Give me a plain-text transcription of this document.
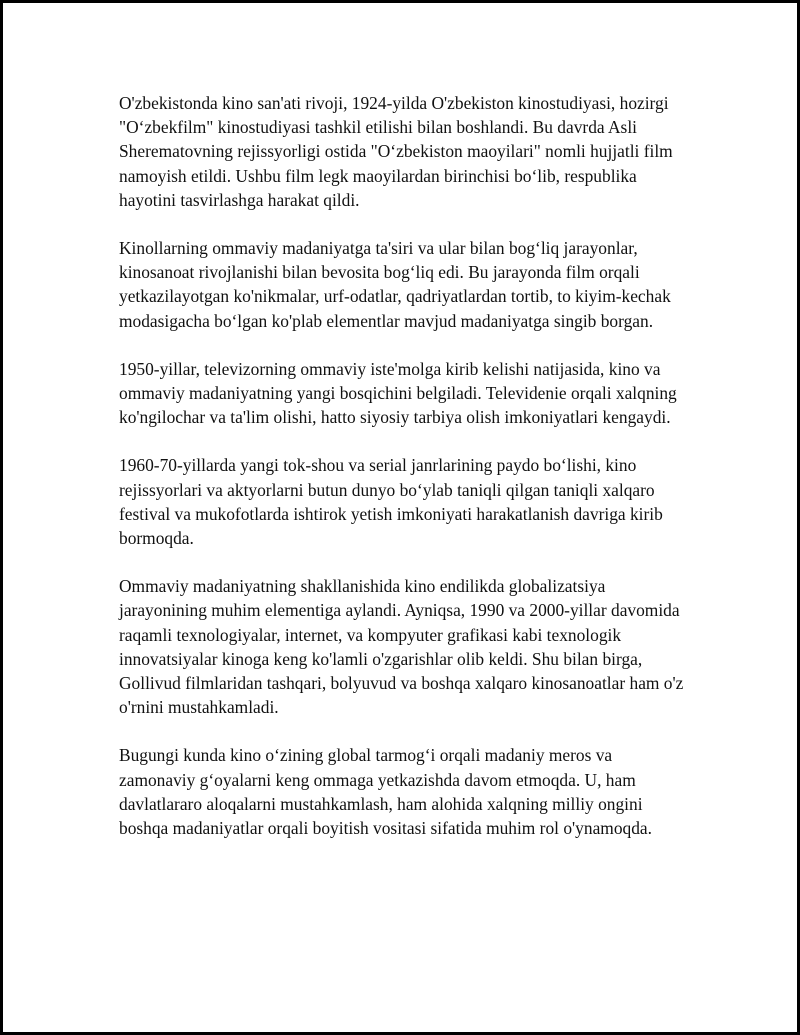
O'zbekistonda kino san'ati rivoji, 1924-yilda O'zbekiston kinostudiyasi, hozirgi "O‘zbekfilm" kinostudiyasi tashkil etilishi bilan boshlandi. Bu davrda Asli Sherematovning rejissyorligi ostida "O‘zbekiston maoyilari" nomli hujjatli film namoyish etildi. Ushbu film legk maoyilardan birinchisi bo‘lib, respublika hayotini tasvirlashga harakat qildi.

Kinollarning ommaviy madaniyatga ta'siri va ular bilan bog‘liq jarayonlar, kinosanoat rivojlanishi bilan bevosita bog‘liq edi. Bu jarayonda film orqali yetkazilayotgan ko'nikmalar, urf-odatlar, qadriyatlardan tortib, to kiyim-kechak modasigacha bo‘lgan ko'plab elementlar mavjud madaniyatga singib borgan.

1950-yillar, televizorning ommaviy iste'molga kirib kelishi natijasida, kino va ommaviy madaniyatning yangi bosqichini belgiladi. Televidenie orqali xalqning ko'ngilochar va ta'lim olishi, hatto siyosiy tarbiya olish imkoniyatlari kengaydi.

1960-70-yillarda yangi tok-shou va serial janrlarining paydo bo‘lishi, kino rejissyorlari va aktyorlarni butun dunyo bo‘ylab taniqli qilgan taniqli xalqaro festival va mukofotlarda ishtirok yetish imkoniyati harakatlanish davriga kirib bormoqda.

Ommaviy madaniyatning shakllanishida kino endilikda globalizatsiya jarayonining muhim elementiga aylandi. Ayniqsa, 1990 va 2000-yillar davomida raqamli texnologiyalar, internet, va kompyuter grafikasi kabi texnologik innovatsiyalar kinoga keng ko'lamli o'zgarishlar olib keldi. Shu bilan birga, Gollivud filmlaridan tashqari, bolyuvud va boshqa xalqaro kinosanoatlar ham o'z o'rnini mustahkamladi.

Bugungi kunda kino o‘zining global tarmog‘i orqali madaniy meros va zamonaviy g‘oyalarni keng ommaga yetkazishda davom etmoqda. U, ham davlatlararo aloqalarni mustahkamlash, ham alohida xalqning milliy ongini boshqa madaniyatlar orqali boyitish vositasi sifatida muhim rol o'ynamoqda.
